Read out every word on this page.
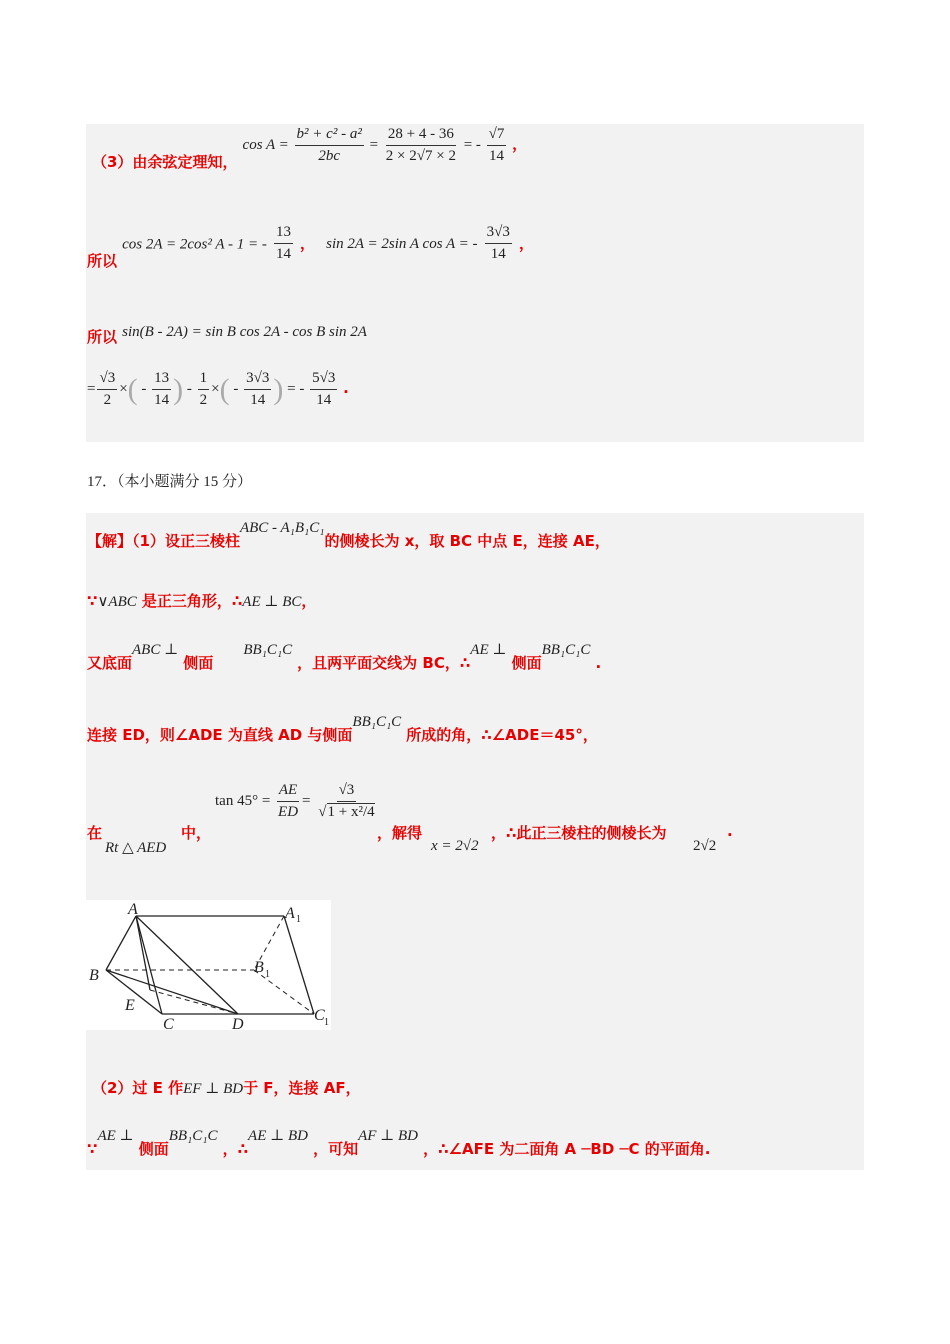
（3）由余弦定理知， $\cos A = \frac{\text{b² + c² - a²}}{2bc} = \frac{28 + 4 - 36}{2 \times 2√7 \times 2}$ = - $\frac{√7}{14}$ ，
所以 cos 2A = 2cos² A - 1 = - $\frac{13}{14}$ ， sin 2A = 2sin A cos A = - $\frac{3√3}{14}$ ，
所以 sin(B - 2A) = sin B cos 2A - cos B sin 2A
= $\frac{√3}{2}$ ×( - $\frac{13}{14}$ ) - $\frac{1}{2}$ ×( - $\frac{3√3}{14}$ ) = - $\frac{5√3}{14}$ .
17．（本小题满分 15 分）
【解】（1）设正三棱柱ABC - A₁B₁C₁的侧棱长为 x，取 BC 中点 E，连接 AE，
∵∨ABC 是正三角形，∴AE ⊥ BC，
又底面ABC ⊥ 侧面BB₁C₁C ，且两平面交线为 BC，∴AE ⊥ 侧面BB₁C₁C .
连接 ED，则∠ADE 为直线 AD 与侧面BB₁C₁C 所成的角，∴∠ADE＝45°，
在
Rt △ AED
中，
$\tan 45^\circ = \frac{AE}{ED} = \frac{√3}{\text{√1 + x²/4}}$
，解得
x = 2√2
，∴此正三棱柱的侧棱长为
2√2
.
A	A 1
B	B 1
E
C	D
C 1
（2）过 E 作EF ⊥ BD于 F，连接 AF，
∵AE ⊥ 侧面BB₁C₁C ，∴AE ⊥ BD ，可知AF ⊥ BD ，∴∠AFE 为二面角 A ─BD ─C 的平面角.
